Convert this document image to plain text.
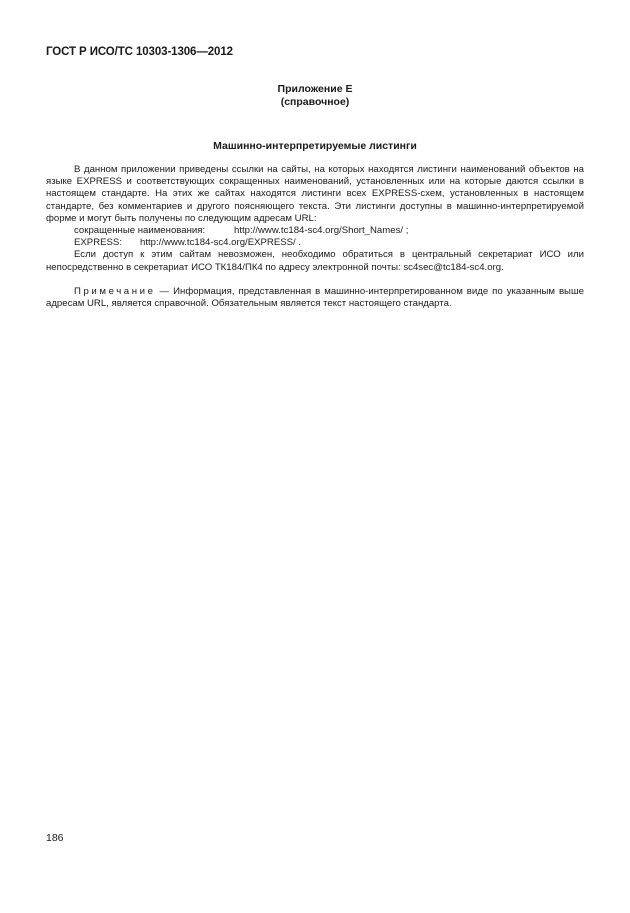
ГОСТ Р ИСО/ТС 10303-1306—2012
Приложение Е
(справочное)
Машинно-интерпретируемые листинги

В данном приложении приведены ссылки на сайты, на которых находятся листинги наименований объектов на языке EXPRESS и соответствующих сокращенных наименований, установленных или на которые даются ссылки в настоящем стандарте. На этих же сайтах находятся листинги всех EXPRESS-схем, установленных в настоящем стандарте, без комментариев и другого поясняющего текста. Эти листинги доступны в машинно-интерпретируемой форме и могут быть получены по следующим адресам URL:

сокращенные наименования:	http://www.tc184-sc4.org/Short_Names/ ;
EXPRESS:	http://www.tc184-sc4.org/EXPRESS/ .

Если доступ к этим сайтам невозможен, необходимо обратиться в центральный секретариат ИСО или непосредственно в секретариат ИСО ТК184/ПК4 по адресу электронной почты: sc4sec@tc184-sc4.org.

Примечание — Информация, представленная в машинно-интерпретированном виде по указанным выше адресам URL, является справочной. Обязательным является текст настоящего стандарта.

186
